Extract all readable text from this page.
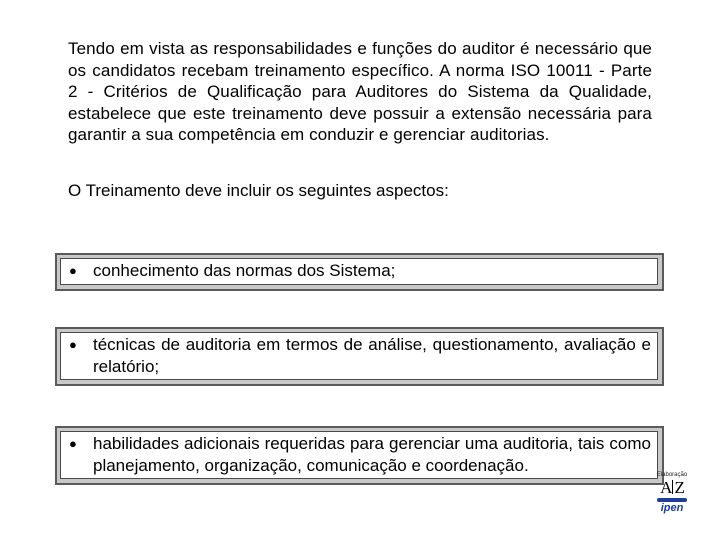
Tendo em vista as responsabilidades e funções do auditor é necessário que os candidatos recebam treinamento específico. A norma ISO 10011 - Parte 2 - Critérios de Qualificação para Auditores do Sistema da Qualidade, estabelece que este treinamento deve possuir a extensão necessária para garantir a sua competência em conduzir e gerenciar auditorias.

O Treinamento deve incluir os seguintes aspectos:

● conhecimento das normas dos Sistema;
● técnicas de auditoria em termos de análise, questionamento, avaliação e relatório;
● habilidades adicionais requeridas para gerenciar uma auditoria, tais como planejamento, organização, comunicação e coordenação.
Elaboração
A Z
ipen
